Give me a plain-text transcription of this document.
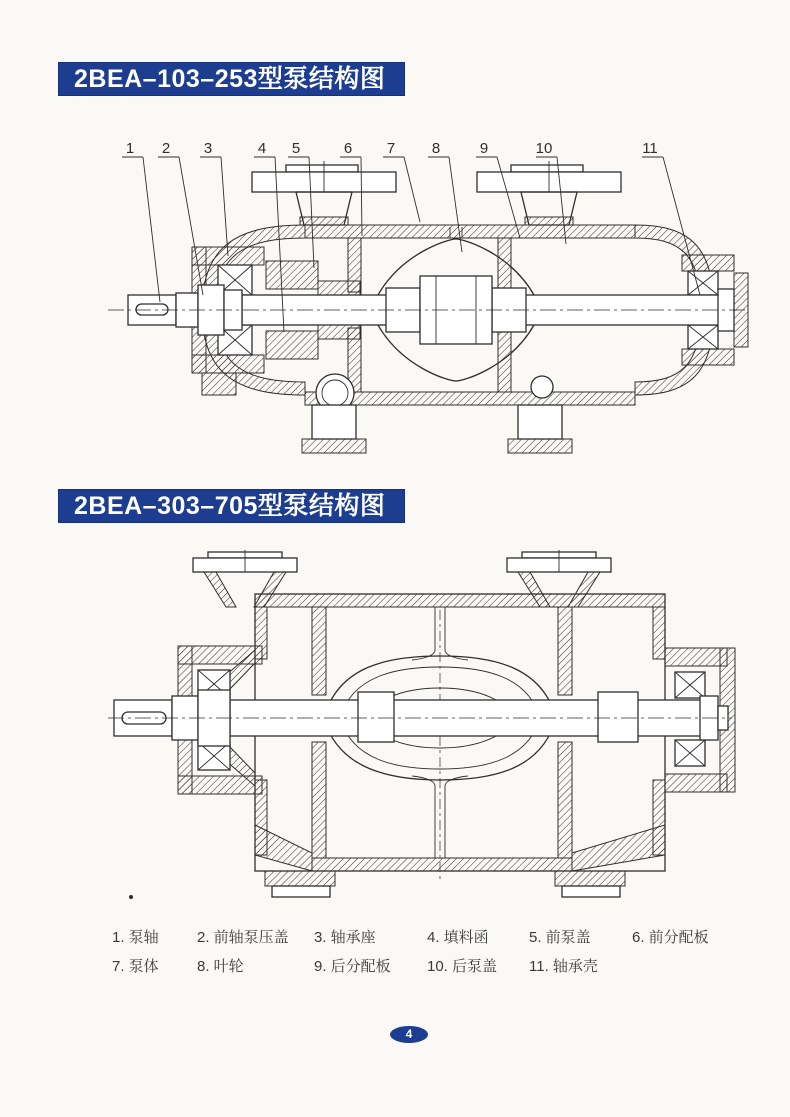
2BEA–103–253型泵结构图
1 2 3	4 5	6 7 8	9	10	11
2BEA–303–705型泵结构图
1. 泵轴	2. 前轴泵压盖	3. 轴承座	4. 填料函	5. 前泵盖	6. 前分配板
7. 泵体	8. 叶轮	9. 后分配板	10. 后泵盖	11. 轴承壳
4
